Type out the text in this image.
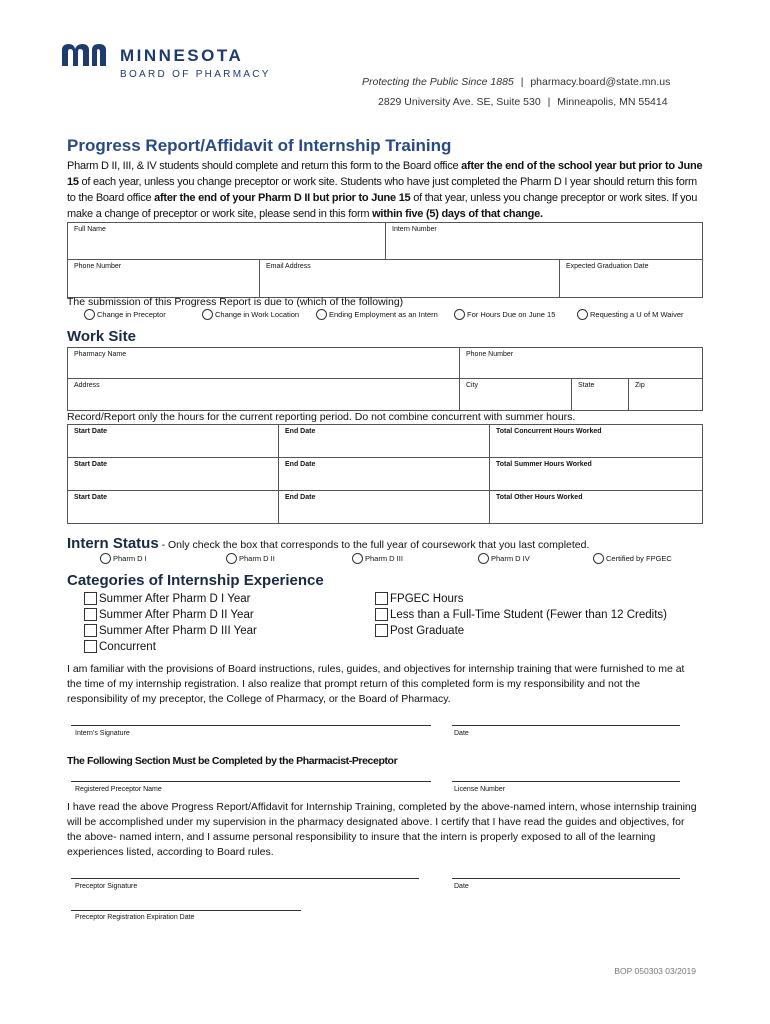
MINNESOTA
BOARD OF PHARMACY
Protecting the Public Since 1885 | pharmacy.board@state.mn.us
2829 University Ave. SE, Suite 530 | Minneapolis, MN 55414
Progress Report/Affidavit of Internship Training
Pharm D II, III, & IV students should complete and return this form to the Board office after the end of the school year but prior to June 15 of each year, unless you change preceptor or work site. Students who have just completed the Pharm D I year should return this form to the Board office after the end of your Pharm D II but prior to June 15 of that year, unless you change preceptor or work sites. If you make a change of preceptor or work site, please send in this form within five (5) days of that change.
Full Name	Intern Number
Phone Number	Email Address	Expected Graduation Date
The submission of this Progress Report is due to (which of the following)
Change in Preceptor	Change in Work Location	Ending Employment as an Intern	For Hours Due on June 15	Requesting a U of M Waiver
Work Site
Pharmacy Name	Phone Number
Address	City	State	Zip
Record/Report only the hours for the current reporting period. Do not combine concurrent with summer hours.
Start Date	End Date	Total Concurrent Hours Worked
Start Date	End Date	Total Summer Hours Worked
Start Date	End Date	Total Other Hours Worked
Intern Status - Only check the box that corresponds to the full year of coursework that you last completed.
Pharm D I	Pharm D II	Pharm D III	Pharm D IV	Certified by FPGEC
Categories of Internship Experience
Summer After Pharm D I Year
Summer After Pharm D II Year
Summer After Pharm D III Year
Concurrent
FPGEC Hours
Less than a Full-Time Student (Fewer than 12 Credits)
Post Graduate
I am familiar with the provisions of Board instructions, rules, guides, and objectives for internship training that were furnished to me at the time of my internship registration. I also realize that prompt return of this completed form is my responsibility and not the responsibility of my preceptor, the College of Pharmacy, or the Board of Pharmacy.
Intern’s Signature	Date
The Following Section Must be Completed by the Pharmacist-Preceptor
Registered Preceptor Name	License Number
I have read the above Progress Report/Affidavit for Internship Training, completed by the above-named intern, whose internship training will be accomplished under my supervision in the pharmacy designated above. I certify that I have read the guides and objectives, for the above- named intern, and I assume personal responsibility to insure that the intern is properly exposed to all of the learning experiences listed, according to Board rules.
Preceptor Signature	Date
Preceptor Registration Expiration Date
BOP 050303 03/2019
